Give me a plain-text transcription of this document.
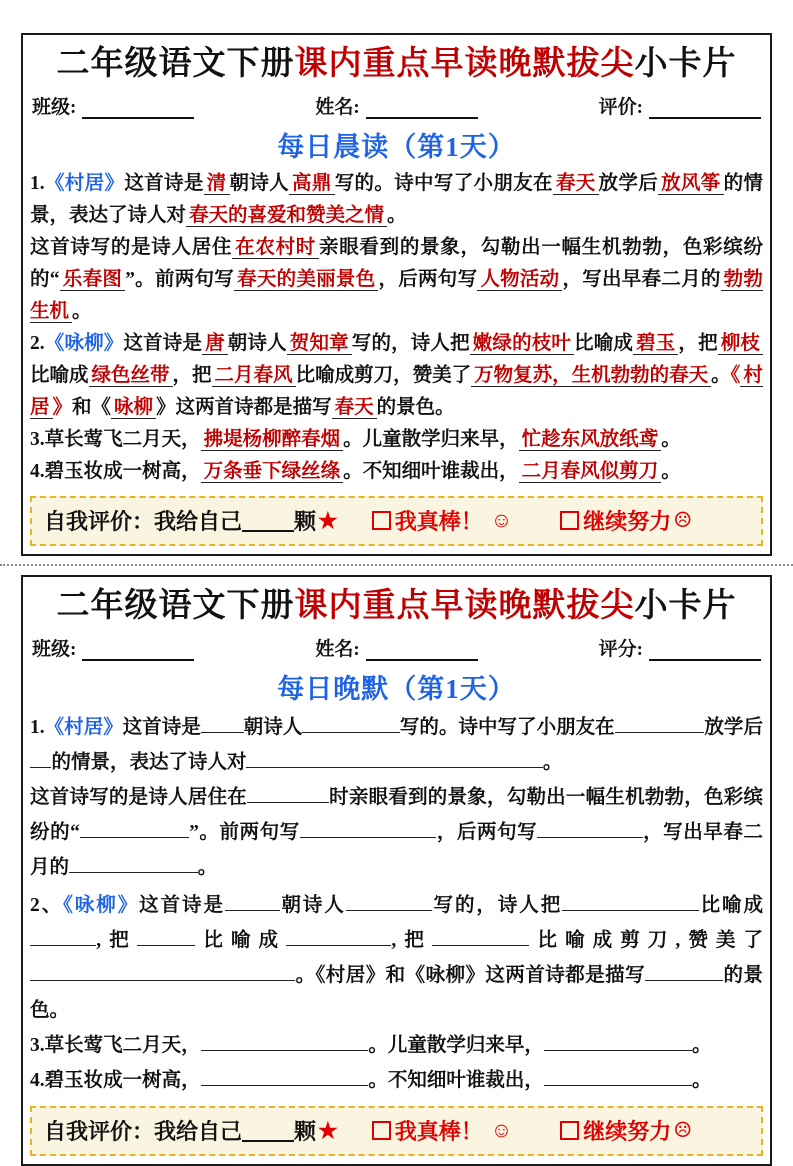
二年级语文下册课内重点早读晚默拔尖小卡片
班级:	姓名:	评价:
每日晨读（第1天）

1.《村居》这首诗是 清 朝诗人 高鼎 写的。诗中写了小朋友在 春天 放学后 放风筝 的情景，表达了诗人对 春天的喜爱和赞美之情 。

这首诗写的是诗人居住 在农村时 亲眼看到的景象，勾勒出一幅生机勃勃，色彩缤纷的“ 乐春图 ”。前两句写 春天的美丽景色 ，后两句写 人物活动 ，写出早春二月的 勃勃生机 。

2.《咏柳》这首诗是 唐 朝诗人 贺知章 写的，诗人把 嫩绿的枝叶 比喻成 碧玉 ，把 柳枝比喻成 绿色丝带 ，把 二月春风 比喻成剪刀，赞美了 万物复苏，生机勃勃的春天 。《 村居 》和《 咏柳 》这两首诗都是描写 春天 的景色。

3.草长莺飞二月天， 拂堤杨柳醉春烟 。儿童散学归来早， 忙趁东风放纸鸢 。

4.碧玉妆成一树高， 万条垂下绿丝绦 。不知细叶谁裁出， 二月春风似剪刀 。

自我评价：我给自己 颗 ★	我真棒！ ☺	继续努力 ☹
二年级语文下册课内重点早读晚默拔尖小卡片
班级:	姓名:	评分:
每日晚默（第1天）

1.《村居》这首诗是 朝诗人	写的。诗中写了小朋友在	放学后的情景，表达了诗人对	。

这首诗写的是诗人居住在	时亲眼看到的景象，勾勒出一幅生机勃勃，色彩缤纷的“	”。前两句写	，后两句写	，写出早春二月的	。

2、《咏柳》这首诗是	朝诗人	写的，诗人把	比喻成,把	比喻成	,把	比喻成剪刀,赞美了。《村居》和《咏柳》这两首诗都是描写	的景色。

3.草长莺飞二月天，	。儿童散学归来早，	。

4.碧玉妆成一树高，	。不知细叶谁裁出，	。

自我评价：我给自己 颗 ★	我真棒！ ☺	继续努力 ☹
